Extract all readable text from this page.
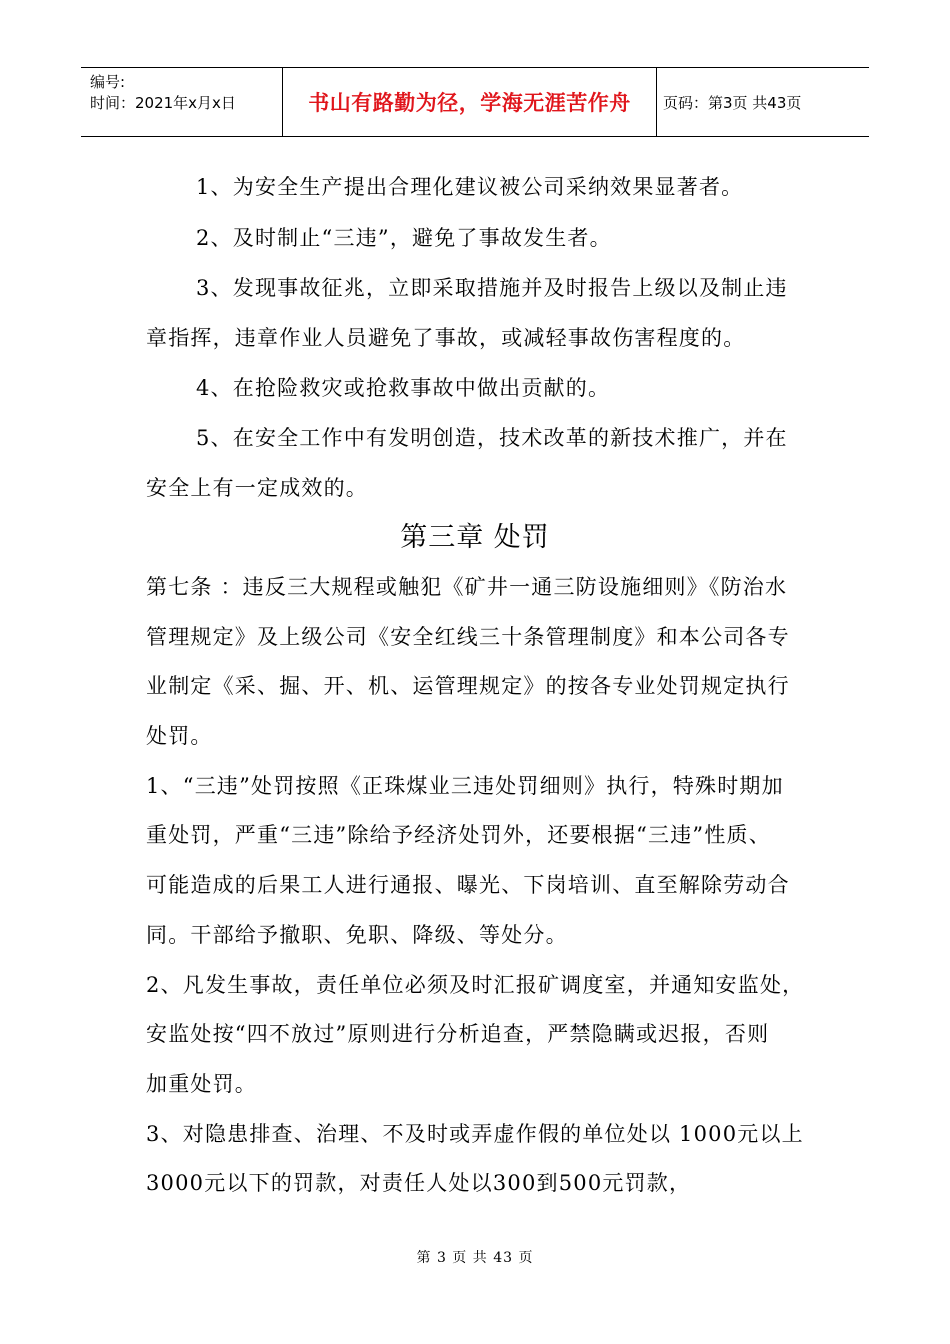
编号:
时间：2021年x月x日	书山有路勤为径，学海无涯苦作舟	页码：第3页 共43页
1、为安全生产提出合理化建议被公司采纳效果显著者。
2、及时制止“三违”，避免了事故发生者。
3、发现事故征兆，立即采取措施并及时报告上级以及制止违
章指挥，违章作业人员避免了事故，或减轻事故伤害程度的。
4、在抢险救灾或抢救事故中做出贡献的。
5、在安全工作中有发明创造，技术改革的新技术推广，并在
安全上有一定成效的。
第三章 处罚
第七条 ：违反三大规程或触犯《矿井一通三防设施细则》《防治水
管理规定》及上级公司《安全红线三十条管理制度》和本公司各专
业制定《采、掘、开、机、运管理规定》的按各专业处罚规定执行
处罚。
1、“三违”处罚按照《正珠煤业三违处罚细则》执行，特殊时期加
重处罚，严重“三违”除给予经济处罚外，还要根据“三违”性质、
可能造成的后果工人进行通报、曝光、下岗培训、直至解除劳动合
同。干部给予撤职、免职、降级、等处分。
2、凡发生事故，责任单位必须及时汇报矿调度室，并通知安监处，
安监处按“四不放过”原则进行分析追查，严禁隐瞒或迟报，否则
加重处罚。
3、对隐患排查、治理、不及时或弄虚作假的单位处以 1000元以上
3000元以下的罚款，对责任人处以300到500元罚款，
第 3 页 共 43 页
